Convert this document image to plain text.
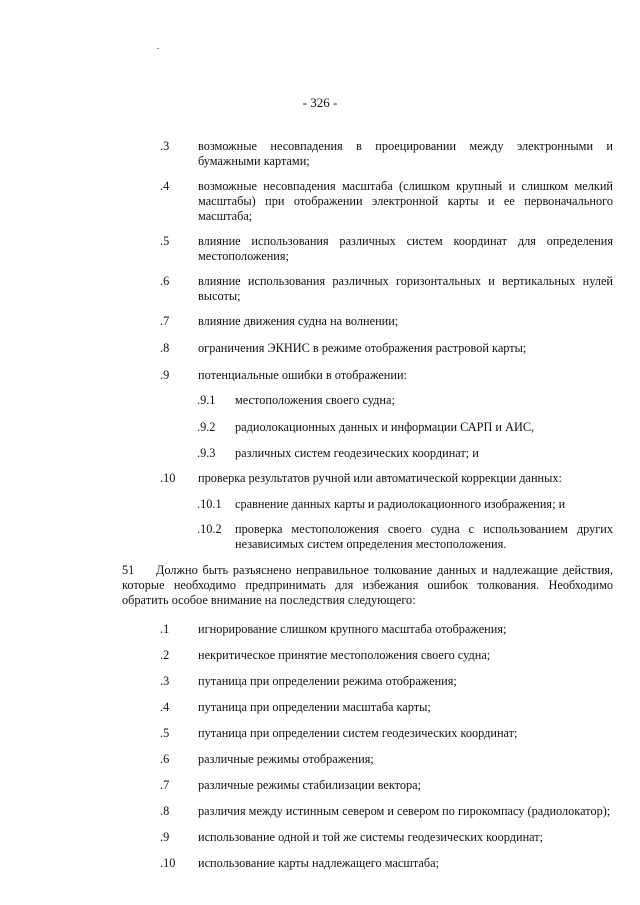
- 326 -
.3 возможные несовпадения в проецировании между электронными и бумажными картами;
.4 возможные несовпадения масштаба (слишком крупный и слишком мелкий масштабы) при отображении электронной карты и ее первоначального масштаба;
.5 влияние использования различных систем координат для определения местоположения;
.6 влияние использования различных горизонтальных и вертикальных нулей высоты;
.7 влияние движения судна на волнении;
.8 ограничения ЭКНИС в режиме отображения растровой карты;
.9 потенциальные ошибки в отображении:
.9.1 местоположения своего судна;
.9.2 радиолокационных данных и информации САРП и АИС,
.9.3 различных систем геодезических координат; и
.10 проверка результатов ручной или автоматической коррекции данных:
.10.1 сравнение данных карты и радиолокационного изображения; и
.10.2 проверка местоположения своего судна с использованием других независимых систем определения местоположения.
51 Должно быть разъяснено неправильное толкование данных и надлежащие действия, которые необходимо предпринимать для избежания ошибок толкования. Необходимо обратить особое внимание на последствия следующего:
.1 игнорирование слишком крупного масштаба отображения;
.2 некритическое принятие местоположения своего судна;
.3 путаница при определении режима отображения;
.4 путаница при определении масштаба карты;
.5 путаница при определении систем геодезических координат;
.6 различные режимы отображения;
.7 различные режимы стабилизации вектора;
.8 различия между истинным севером и севером по гирокомпасу (радиолокатор);
.9 использование одной и той же системы геодезических координат;
.10 использование карты надлежащего масштаба;
